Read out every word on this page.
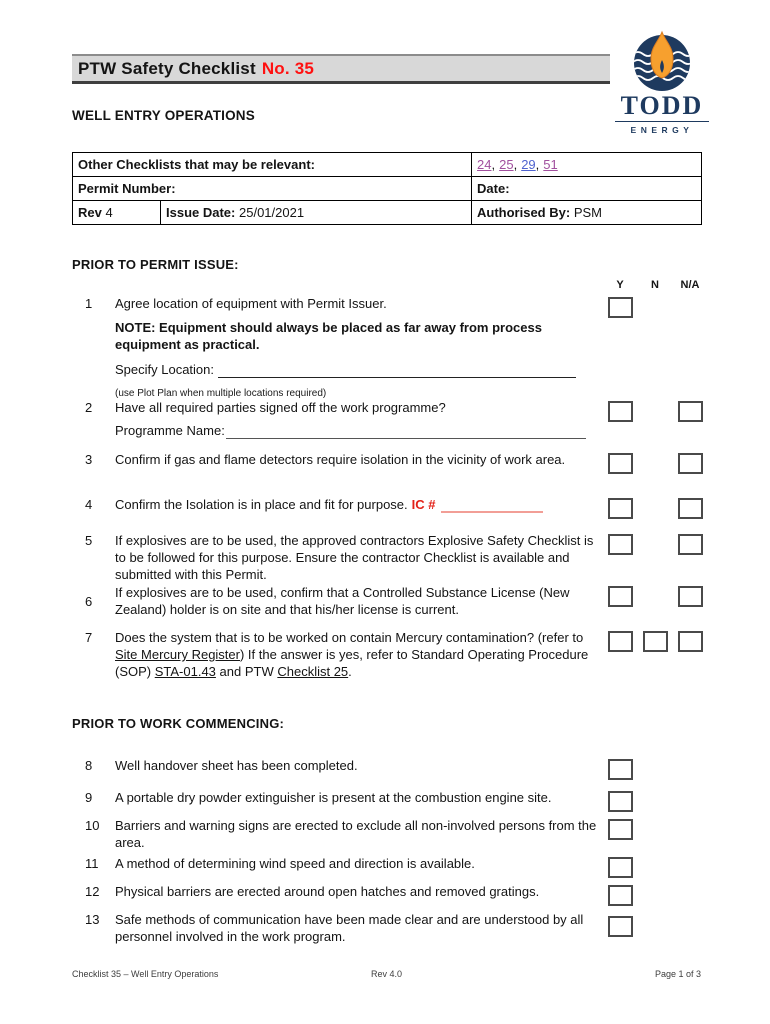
PTW Safety Checklist No. 35
TODD
ENERGY
WELL ENTRY OPERATIONS
Other Checklists that may be relevant:		24, 25, 29, 51
Permit Number:		Date:
Rev 4	Issue Date: 25/01/2021	Authorised By: PSM
PRIOR TO PERMIT ISSUE:
Y N N/A
1	Agree location of equipment with Permit Issuer.
NOTE: Equipment should always be placed as far away from process equipment as practical.
Specify Location:
(use Plot Plan when multiple locations required)
2	Have all required parties signed off the work programme?
Programme Name:
3	Confirm if gas and flame detectors require isolation in the vicinity of work area.
4	Confirm the Isolation is in place and fit for purpose. IC #
5	If explosives are to be used, the approved contractors Explosive Safety Checklist is to be followed for this purpose. Ensure the contractor Checklist is available and submitted with this Permit.
6
If explosives are to be used, confirm that a Controlled Substance License (New Zealand) holder is on site and that his/her license is current.
7	Does the system that is to be worked on contain Mercury contamination? (refer to Site Mercury Register) If the answer is yes, refer to Standard Operating Procedure (SOP) STA-01.43 and PTW Checklist 25.
PRIOR TO WORK COMMENCING:
8	Well handover sheet has been completed.
9	A portable dry powder extinguisher is present at the combustion engine site.
10	Barriers and warning signs are erected to exclude all non-involved persons from the area.
11	A method of determining wind speed and direction is available.
12	Physical barriers are erected around open hatches and removed gratings.
13	Safe methods of communication have been made clear and are understood by all personnel involved in the work program.
Checklist 35 – Well Entry Operations	Rev 4.0	Page 1 of 3
